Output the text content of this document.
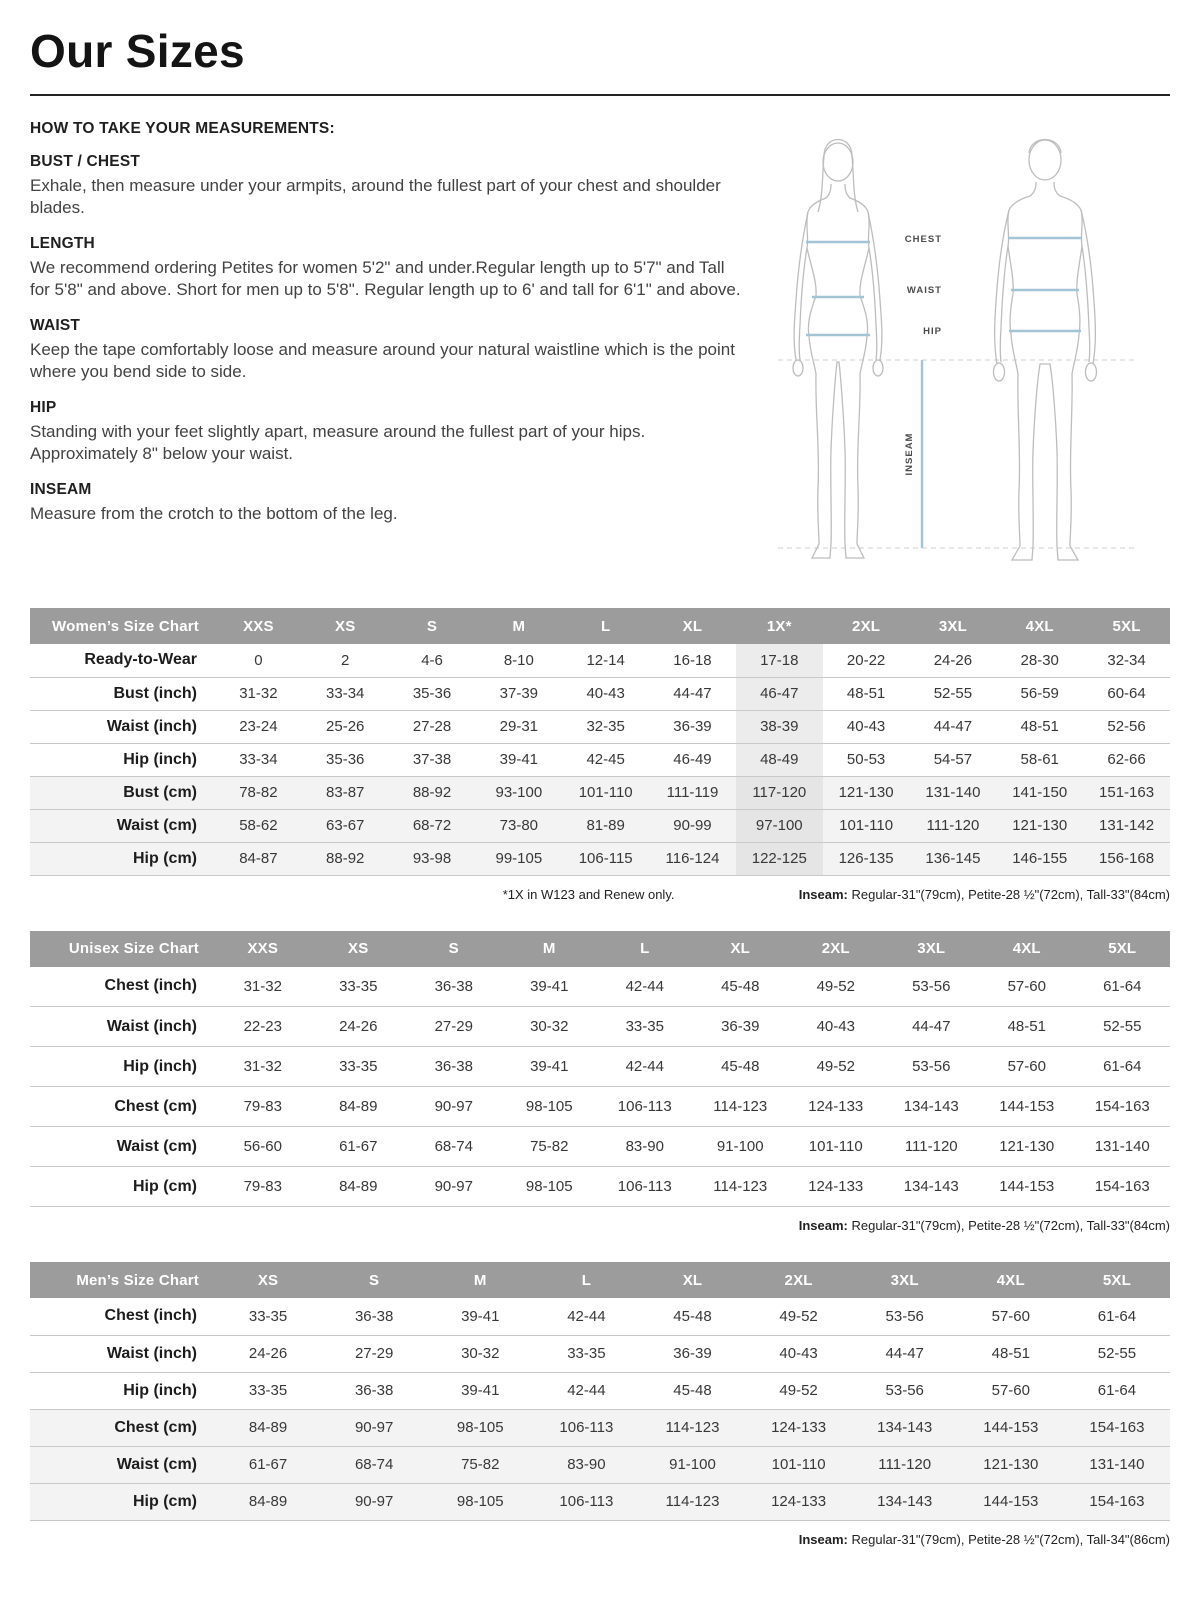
Our Sizes
HOW TO TAKE YOUR MEASUREMENTS:
BUST / CHEST

Exhale, then measure under your armpits, around the fullest part of your chest and shoulder blades.

LENGTH

We recommend ordering Petites for women 5'2" and under.Regular length up to 5'7" and Tall for 5'8" and above. Short for men up to 5'8". Regular length up to 6' and tall for 6'1" and above.

WAIST

Keep the tape comfortably loose and measure around your natural waistline which is the point where you bend side to side.

HIP

Standing with your feet slightly apart, measure around the fullest part of your hips. Approximately 8" below your waist.

INSEAM

Measure from the crotch to the bottom of the leg.

INSEAM
CHEST
WAIST
HIP
Women’s Size Chart	XXS	XS	S	M	L	XL	1X*	2XL	3XL	4XL	5XL
Ready-to-Wear	0	2	4-6	8-10	12-14	16-18	17-18	20-22	24-26	28-30	32-34
Bust (inch)	31-32	33-34	35-36	37-39	40-43	44-47	46-47	48-51	52-55	56-59	60-64
Waist (inch)	23-24	25-26	27-28	29-31	32-35	36-39	38-39	40-43	44-47	48-51	52-56
Hip (inch)	33-34	35-36	37-38	39-41	42-45	46-49	48-49	50-53	54-57	58-61	62-66
Bust (cm)	78-82	83-87	88-92	93-100	101-110	111-119	117-120	121-130	131-140	141-150	151-163
Waist (cm)	58-62	63-67	68-72	73-80	81-89	90-99	97-100	101-110	111-120	121-130	131-142
Hip (cm)	84-87	88-92	93-98	99-105	106-115	116-124	122-125	126-135	136-145	146-155	156-168
*1X in W123 and Renew only.	Inseam: Regular-31"(79cm), Petite-28 ½"(72cm), Tall-33"(84cm)
Unisex Size Chart	XXS	XS	S	M	L	XL	2XL	3XL	4XL	5XL
Chest (inch)	31-32	33-35	36-38	39-41	42-44	45-48	49-52	53-56	57-60	61-64
Waist (inch)	22-23	24-26	27-29	30-32	33-35	36-39	40-43	44-47	48-51	52-55
Hip (inch)	31-32	33-35	36-38	39-41	42-44	45-48	49-52	53-56	57-60	61-64
Chest (cm)	79-83	84-89	90-97	98-105	106-113	114-123	124-133	134-143	144-153	154-163
Waist (cm)	56-60	61-67	68-74	75-82	83-90	91-100	101-110	111-120	121-130	131-140
Hip (cm)	79-83	84-89	90-97	98-105	106-113	114-123	124-133	134-143	144-153	154-163
Inseam: Regular-31"(79cm), Petite-28 ½"(72cm), Tall-33"(84cm)
Men’s Size Chart	XS	S	M	L	XL	2XL	3XL	4XL	5XL
Chest (inch)	33-35	36-38	39-41	42-44	45-48	49-52	53-56	57-60	61-64
Waist (inch)	24-26	27-29	30-32	33-35	36-39	40-43	44-47	48-51	52-55
Hip (inch)	33-35	36-38	39-41	42-44	45-48	49-52	53-56	57-60	61-64
Chest (cm)	84-89	90-97	98-105	106-113	114-123	124-133	134-143	144-153	154-163
Waist (cm)	61-67	68-74	75-82	83-90	91-100	101-110	111-120	121-130	131-140
Hip (cm)	84-89	90-97	98-105	106-113	114-123	124-133	134-143	144-153	154-163
Inseam: Regular-31"(79cm), Petite-28 ½"(72cm), Tall-34"(86cm)
